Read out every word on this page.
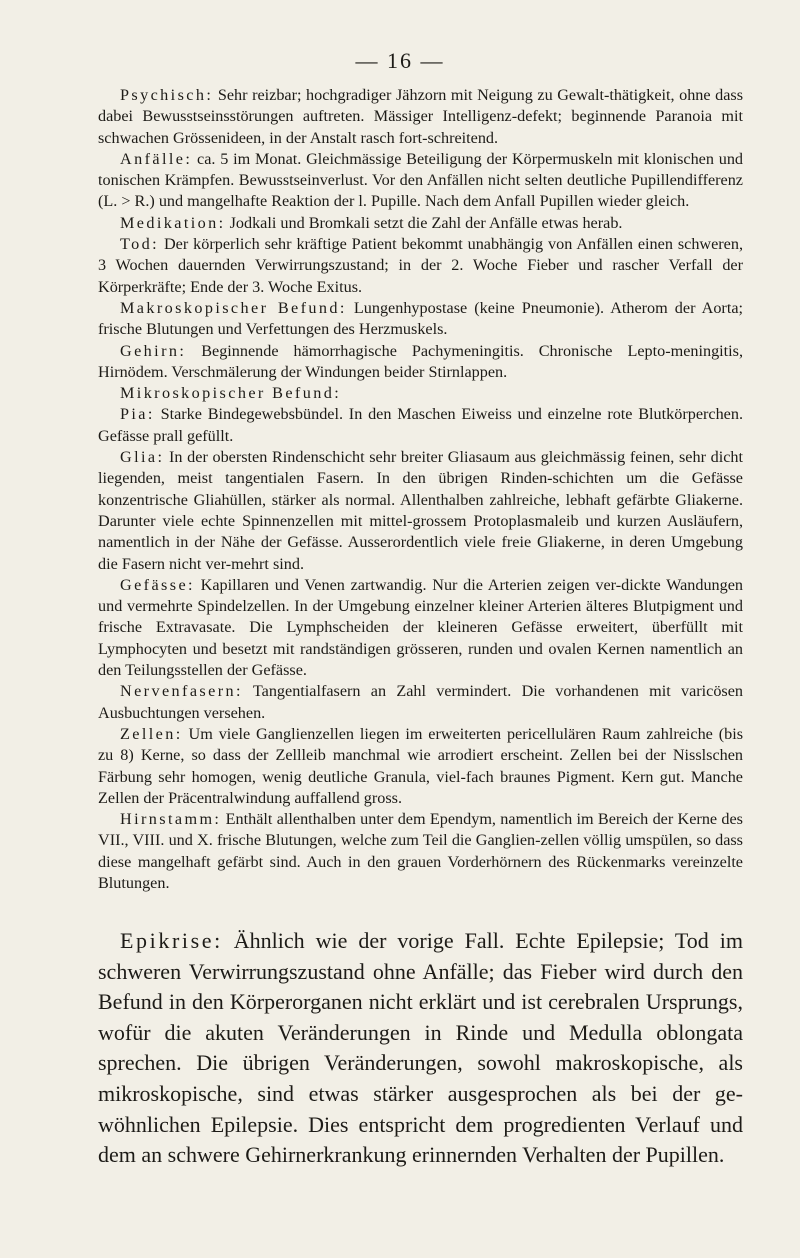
— 16 —

Psychisch: Sehr reizbar; hochgradiger Jähzorn mit Neigung zu Gewalt-thätigkeit, ohne dass dabei Bewusstseinsstörungen auftreten. Mässiger Intelligenz-defekt; beginnende Paranoia mit schwachen Grössenideen, in der Anstalt rasch fort-schreitend.

Anfälle: ca. 5 im Monat. Gleichmässige Beteiligung der Körpermuskeln mit klonischen und tonischen Krämpfen. Bewusstseinverlust. Vor den Anfällen nicht selten deutliche Pupillendifferenz (L. > R.) und mangelhafte Reaktion der l. Pupille. Nach dem Anfall Pupillen wieder gleich.

Medikation: Jodkali und Bromkali setzt die Zahl der Anfälle etwas herab.

Tod: Der körperlich sehr kräftige Patient bekommt unabhängig von Anfällen einen schweren, 3 Wochen dauernden Verwirrungszustand; in der 2. Woche Fieber und rascher Verfall der Körperkräfte; Ende der 3. Woche Exitus.

Makroskopischer Befund: Lungenhypostase (keine Pneumonie). Atherom der Aorta; frische Blutungen und Verfettungen des Herzmuskels.

Gehirn: Beginnende hämorrhagische Pachymeningitis. Chronische Lepto-meningitis, Hirnödem. Verschmälerung der Windungen beider Stirnlappen.

Mikroskopischer Befund:

Pia: Starke Bindegewebsbündel. In den Maschen Eiweiss und einzelne rote Blutkörperchen. Gefässe prall gefüllt.

Glia: In der obersten Rindenschicht sehr breiter Gliasaum aus gleichmässig feinen, sehr dicht liegenden, meist tangentialen Fasern. In den übrigen Rinden-schichten um die Gefässe konzentrische Gliahüllen, stärker als normal. Allenthalben zahlreiche, lebhaft gefärbte Gliakerne. Darunter viele echte Spinnenzellen mit mittel-grossem Protoplasmaleib und kurzen Ausläufern, namentlich in der Nähe der Gefässe. Ausserordentlich viele freie Gliakerne, in deren Umgebung die Fasern nicht ver-mehrt sind.

Gefässe: Kapillaren und Venen zartwandig. Nur die Arterien zeigen ver-dickte Wandungen und vermehrte Spindelzellen. In der Umgebung einzelner kleiner Arterien älteres Blutpigment und frische Extravasate. Die Lymphscheiden der kleineren Gefässe erweitert, überfüllt mit Lymphocyten und besetzt mit randständigen grösseren, runden und ovalen Kernen namentlich an den Teilungsstellen der Gefässe.

Nervenfasern: Tangentialfasern an Zahl vermindert. Die vorhandenen mit varicösen Ausbuchtungen versehen.

Zellen: Um viele Ganglienzellen liegen im erweiterten pericellulären Raum zahlreiche (bis zu 8) Kerne, so dass der Zellleib manchmal wie arrodiert erscheint. Zellen bei der Nisslschen Färbung sehr homogen, wenig deutliche Granula, viel-fach braunes Pigment. Kern gut. Manche Zellen der Präcentralwindung auffallend gross.

Hirnstamm: Enthält allenthalben unter dem Ependym, namentlich im Bereich der Kerne des VII., VIII. und X. frische Blutungen, welche zum Teil die Ganglien-zellen völlig umspülen, so dass diese mangelhaft gefärbt sind. Auch in den grauen Vorderhörnern des Rückenmarks vereinzelte Blutungen.

Epikrise: Ähnlich wie der vorige Fall. Echte Epilepsie; Tod im schweren Verwirrungszustand ohne Anfälle; das Fieber wird durch den Befund in den Körperorganen nicht erklärt und ist cerebralen Ursprungs, wofür die akuten Veränderungen in Rinde und Medulla oblongata sprechen. Die übrigen Veränderungen, sowohl makroskopische, als mikroskopische, sind etwas stärker ausgesprochen als bei der ge-wöhnlichen Epilepsie. Dies entspricht dem progredienten Verlauf und dem an schwere Gehirnerkrankung erinnernden Verhalten der Pupillen.
